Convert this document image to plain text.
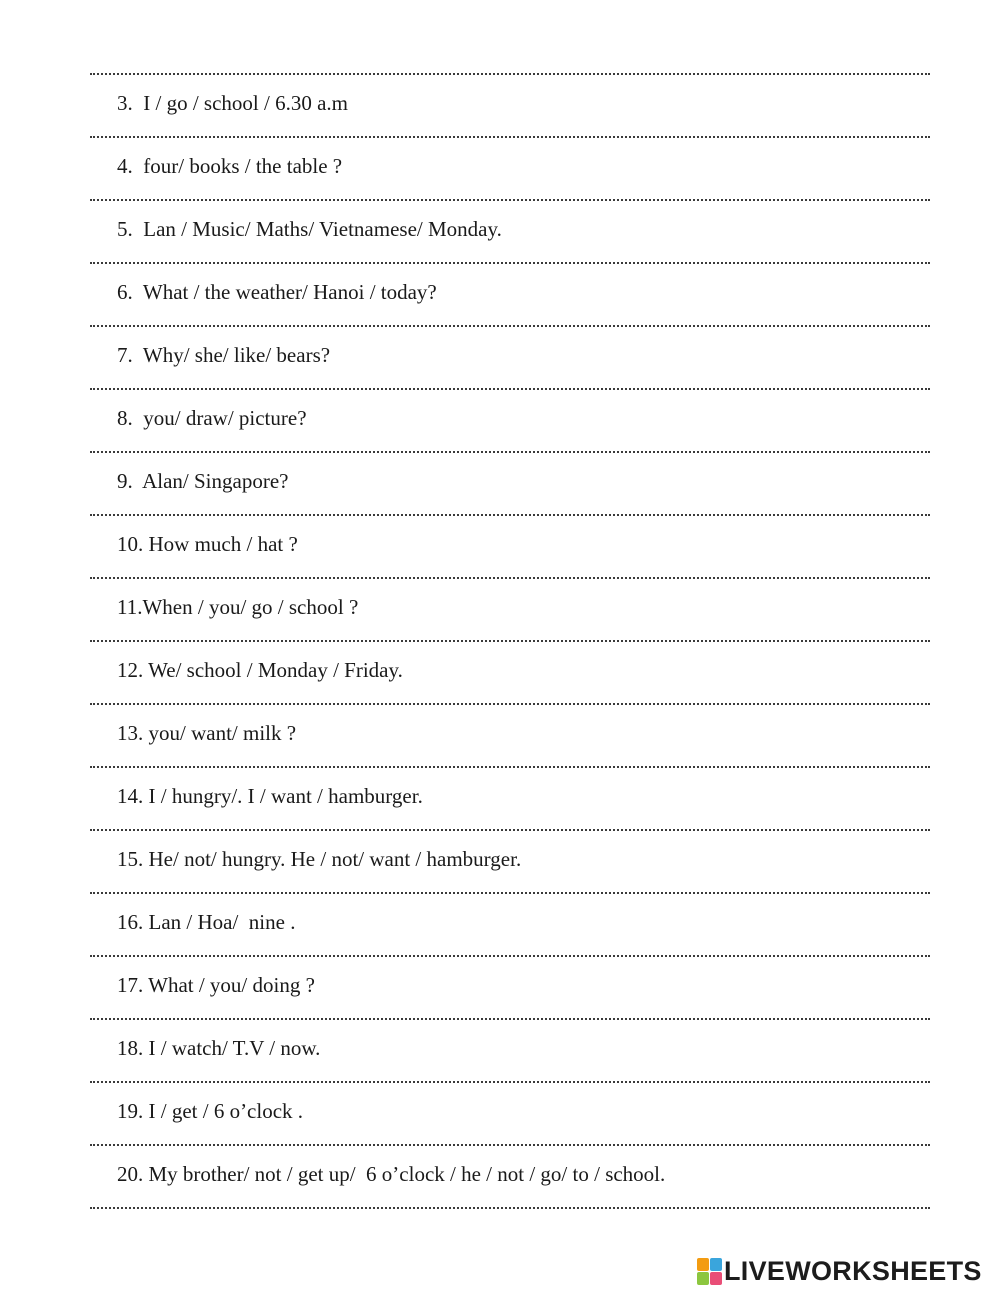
3.  I / go / school / 6.30 a.m
4.  four/ books / the table ?
5.  Lan / Music/ Maths/ Vietnamese/ Monday.
6.  What / the weather/ Hanoi / today?
7.  Why/ she/ like/ bears?
8.  you/ draw/ picture?
9.  Alan/ Singapore?
10. How much / hat ?
11.When / you/ go / school ?
12. We/ school / Monday / Friday.
13. you/ want/ milk ?
14. I / hungry/. I / want / hamburger.
15. He/ not/ hungry. He / not/ want / hamburger.
16. Lan / Hoa/  nine .
17. What / you/ doing ?
18. I / watch/ T.V / now.
19. I / get / 6 o’clock .
20. My brother/ not / get up/  6 o’clock / he / not / go/ to / school.
LIVEWORKSHEETS
